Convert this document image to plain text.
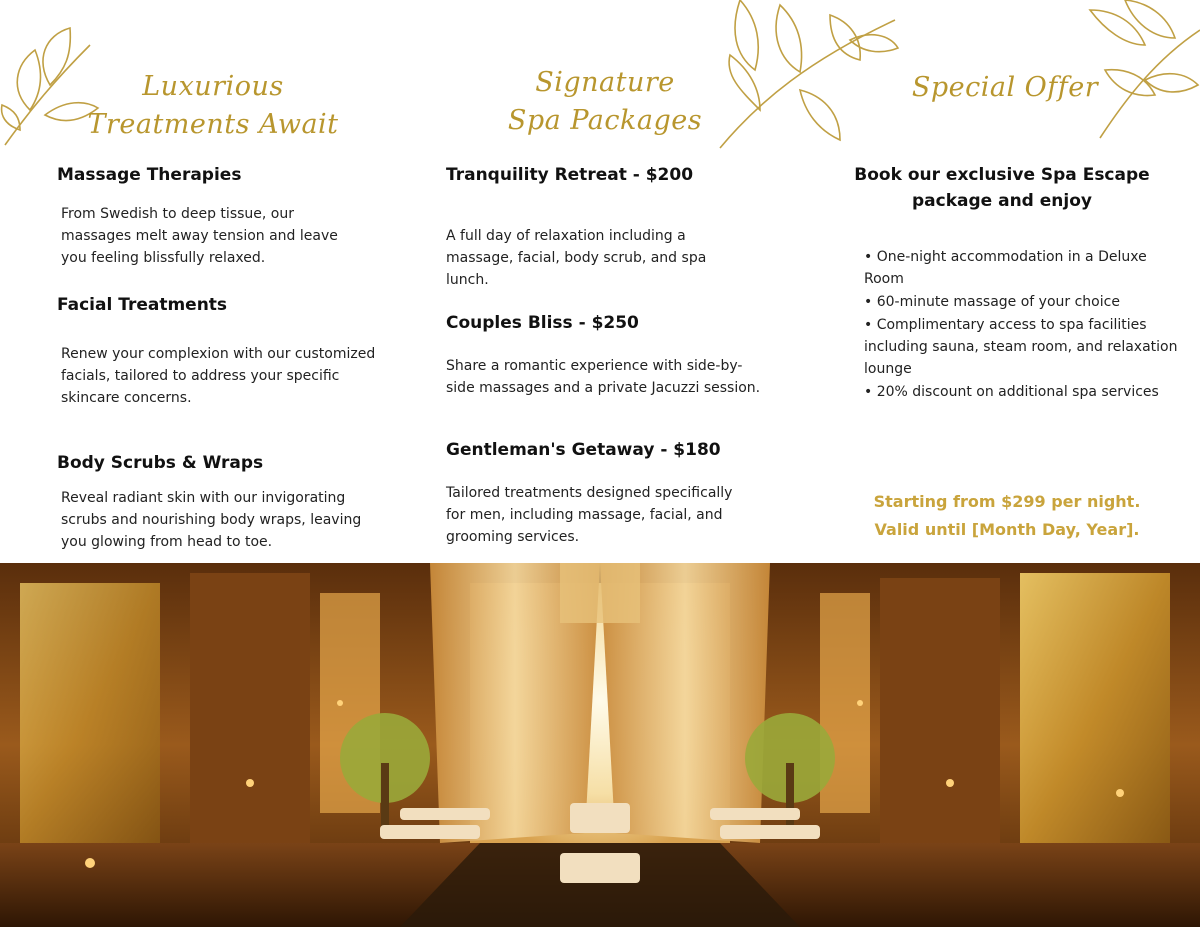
Luxurious Treatments Await
Massage Therapies
From Swedish to deep tissue, our massages melt away tension and leave you feeling blissfully relaxed.
Facial Treatments
Renew your complexion with our customized facials, tailored to address your specific skincare concerns.
Body Scrubs & Wraps
Reveal radiant skin with our invigorating scrubs and nourishing body wraps, leaving you glowing from head to toe.
Signature Spa Packages
Tranquility Retreat - $200
A full day of relaxation including a massage, facial, body scrub, and spa lunch.
Couples Bliss - $250
Share a romantic experience with side-by-side massages and a private Jacuzzi session.
Gentleman's Getaway - $180
Tailored treatments designed specifically for men, including massage, facial, and grooming services.
Special Offer
Book our exclusive Spa Escape package and enjoy
• One-night accommodation in a Deluxe Room
• 60-minute massage of your choice
• Complimentary access to spa facilities including sauna, steam room, and relaxation lounge
• 20% discount on additional spa services
Starting from $299 per night.
Valid until [Month Day, Year].
